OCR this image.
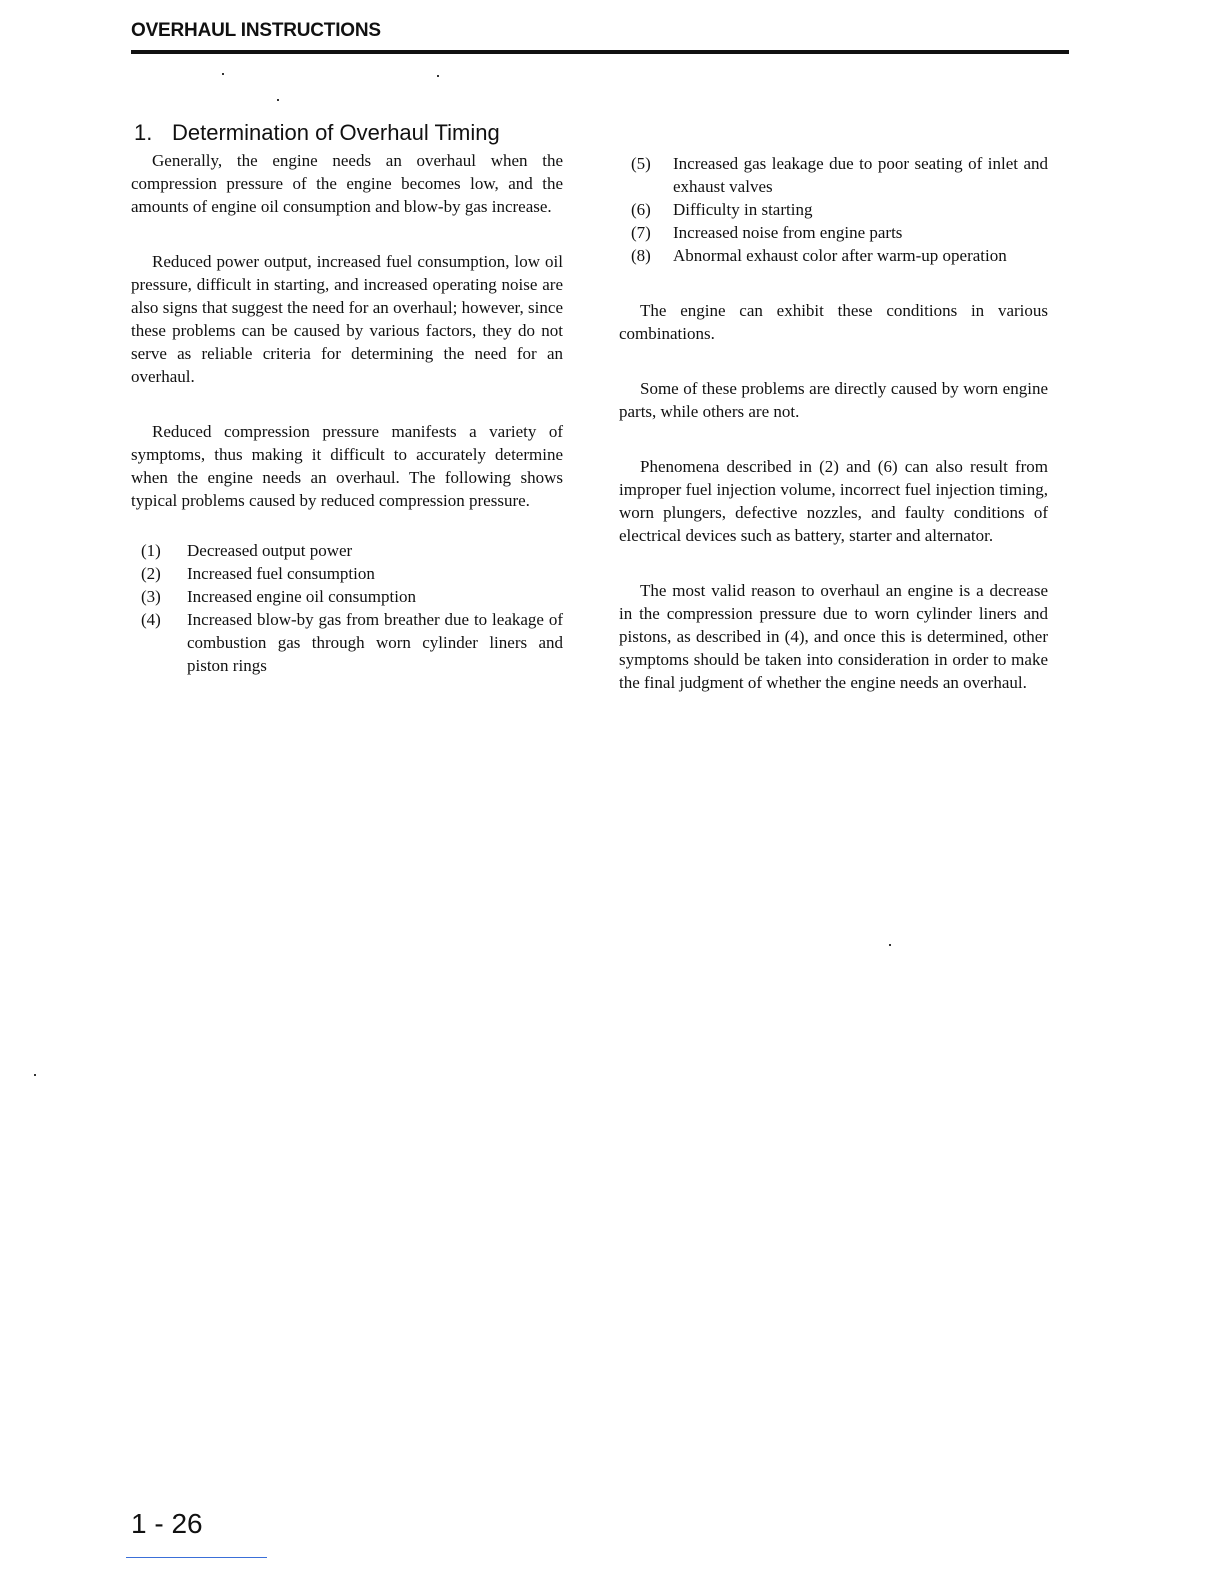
OVERHAUL INSTRUCTIONS
1. Determination of Overhaul Timing

Generally, the engine needs an overhaul when the compression pressure of the engine becomes low, and the amounts of engine oil consumption and blow-by gas increase.

Reduced power output, increased fuel consumption, low oil pressure, difficult in starting, and increased operating noise are also signs that suggest the need for an overhaul; however, since these problems can be caused by various factors, they do not serve as reliable criteria for determining the need for an overhaul.

Reduced compression pressure manifests a variety of symptoms, thus making it difficult to accurately determine when the engine needs an overhaul. The following shows typical problems caused by reduced compression pressure.

(1) Decreased output power
(2) Increased fuel consumption
(3) Increased engine oil consumption
(4) Increased blow-by gas from breather due to leakage of combustion gas through worn cylinder liners and piston rings
(5) Increased gas leakage due to poor seating of inlet and exhaust valves
(6) Difficulty in starting
(7) Increased noise from engine parts
(8) Abnormal exhaust color after warm-up operation

The engine can exhibit these conditions in various combinations.

Some of these problems are directly caused by worn engine parts, while others are not.

Phenomena described in (2) and (6) can also result from improper fuel injection volume, incorrect fuel injection timing, worn plungers, defective nozzles, and faulty conditions of electrical devices such as battery, starter and alternator.

The most valid reason to overhaul an engine is a decrease in the compression pressure due to worn cylinder liners and pistons, as described in (4), and once this is determined, other symptoms should be taken into consideration in order to make the final judgment of whether the engine needs an overhaul.

1 - 26
